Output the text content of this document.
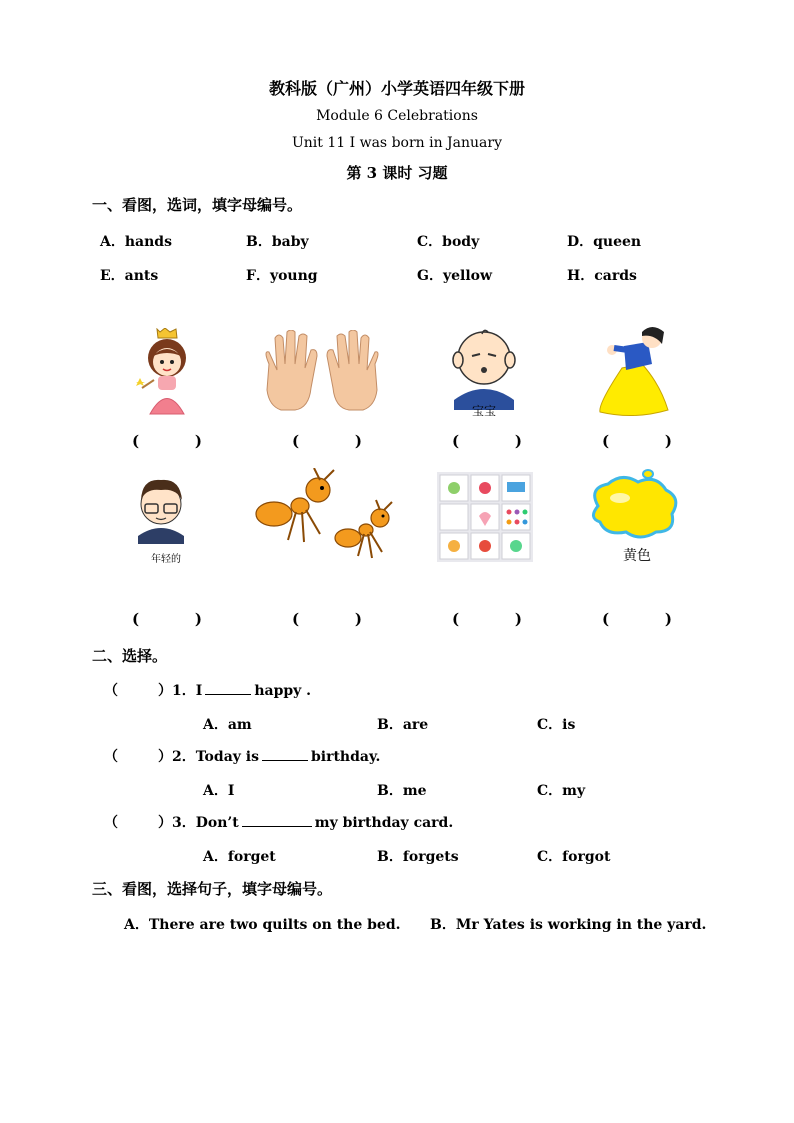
教科版（广州）小学英语四年级下册
Module 6 Celebrations
Unit 11 I was born in January
第 3 课时 习题
一、看图，选词，填字母编号。
A．hands	B．baby	C．body	D．queen
E．ants	F．young	G．yellow	H．cards
宝宝
(	)	(	)	(	)	(	)
年轻的	黄色
(	)	(	)	(	)	(	)
二、选择。
（	）1．I	happy .
A．am	B．are	C．is
（	）2．Today is	birthday.
A．I	B．me	C．my
（	）3．Don’t	my birthday card.
A．forget	B．forgets	C．forgot
三、看图，选择句子，填字母编号。
A．There are two quilts on the bed. B．Mr Yates is working in the yard.
